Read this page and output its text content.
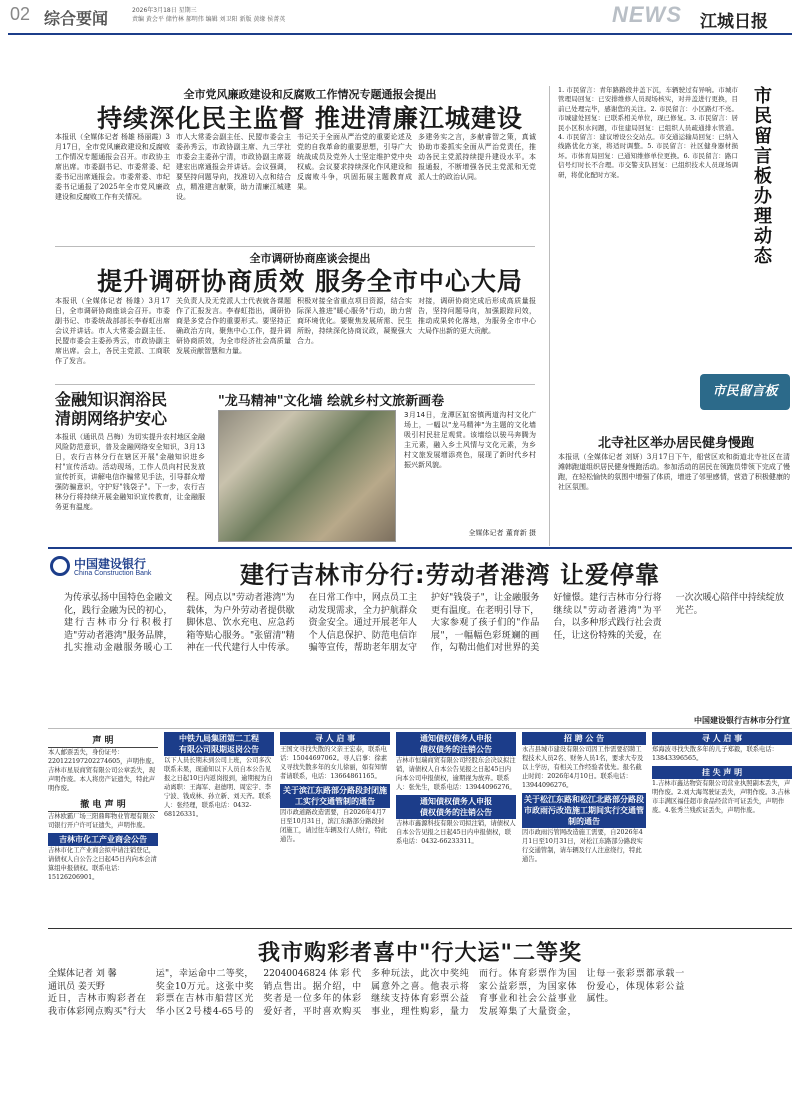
02 综合要闻	2026年3月18日 星期三
责编 黄会平 储竹林 郝明伟 编辑 刘卫阳 新版 黄缘 侯菁英	NEWS 江城日报
全市党风廉政建设和反腐败工作情况专题通报会提出
持续深化民主监督 推进清廉江城建设
本报讯（全媒体记者 杨雄 杨丽霞）3月17日，全市党风廉政建设和反腐败工作情况专题通报会召开。市政协主席出席。市委副书记、市委常委、纪委书记出席通报会。市委常委、市纪委书记通报了2025年全市党风廉政建设和反腐败工作有关情况。
市人大常委会副主任、民盟市委会主委孙秀云，市政协副主席、九三学社市委会主委孙宁清，市政协副主席聂建宏出席通报会并讲话。会议强调，要坚持问题导向，找准切入点和结合点，精准建言献策，助力清廉江城建设。
书记关于全面从严治党的重要论述及党的自我革命的重要思想，引导广大统战成员及党外人士坚定维护党中央权威。会议要求持续深化作风建设和反腐败斗争，巩固拓展主题教育成果。
多建务实之言，多献睿智之策，真诚协助市委抓实全面从严治党责任，推动各民主党派持续提升建设水平。本报通报，不断增强各民主党派和无党派人士的政治认同。
1. 市民留言：青年路路段井盖下沉，车辆驶过有异响。市城市管理局回复：已安排维修人员现场核实，对井盖进行更换，目前已处理完毕，感谢您的关注。2. 市民留言：小区路灯不亮。市城建处回复：已联系相关单位，现已修复。3. 市民留言：居民小区积水问题，市住建局回复：已组织人员疏通排水管道。4. 市民留言：建议增设公交站点。市交通运输局回复：已纳入线路优化方案，将适时调整。5. 市民留言：社区健身器材损坏。市体育局回复：已通知维修单位更换。6. 市民留言：路口信号灯时长不合理。市交警支队回复：已组织技术人员现场调研，将优化配时方案。	市民留言板办理动态
市民留言板
全市调研协商座谈会提出
提升调研协商质效 服务全市中心大局
本报讯（全媒体记者 杨雄）3月17日，全市调研协商座谈会召开。市委副书记、市委统战部部长李春虹出席会议并讲话。市人大常委会副主任、民盟市委会主委孙秀云，市政协副主席出席。会上，各民主党派、工商联作了发言。
关负责人及无党派人士代表就各课题作了汇报发言。李春虹指出，调研协商是多党合作的重要形式。要坚持正确政治方向，聚焦中心工作，提升调研协商质效，为全市经济社会高质量发展贡献智慧和力量。
积极对接全省重点项目资源，结合实际深入推进"暖心服务"行动，助力营商环境优化。要聚焦发展所需、民生所盼，持续深化协商议政，凝聚强大合力。
对接，调研协商完成后形成高质量报告，坚持问题导向，加强跟踪问效，推动成果转化落地，为服务全市中心大局作出新的更大贡献。
金融知识润浴民
清朗网络护安心
本报讯（通讯员 吕梅）为切实提升农村地区金融风险防范意识，普及金融网络安全知识，3月13日，农行吉林分行在辖区开展"金融知识进乡村"宣传活动。活动现场，工作人员向村民发放宣传折页，讲解电信诈骗常见手法，引导群众增强防骗意识，守护好"钱袋子"。下一步，农行吉林分行将持续开展金融知识宣传教育，让金融服务更有温度。
"龙马精神"文化墙 绘就乡村文旅新画卷
3月14日，龙潭区缸窑镇两道沟村文化广场上，一幅以"龙马精神"为主题的文化墙吸引村民驻足观赏。该墙绘以骏马奔腾为主元素，融入乡土风情与文化元素，为乡村文旅发展增添亮色，展现了新时代乡村振兴新风貌。
全媒体记者 董育新 摄
北寺社区举办居民健身慢跑
本报讯（全媒体记者 刘妍）3月17日下午，船营区欢和街道北寺社区在清滩韩跑道组织居民健身慢跑活动。参加活动的居民在领跑员带领下完成了慢跑，在轻松愉快的氛围中增强了体质，增进了邻里感情，营造了积极健康的社区氛围。
中国建设银行
China Construction Bank	建行吉林市分行:劳动者港湾 让爱停靠
为传承弘扬中国特色金融文化，践行金融为民的初心，建行吉林市分行积极打造"劳动者港湾"服务品牌，扎实推动金融服务暖心工程。网点以"劳动者港湾"为载体，为户外劳动者提供歇脚休息、饮水充电、应急药箱等贴心服务。"张留清"精神在一代代建行人中传承。在日常工作中，网点员工主动发现需求，全力护航群众资金安全。通过开展老年人个人信息保护、防范电信诈骗等宣传，帮助老年朋友守护好"钱袋子"，让金融服务更有温度。在老明引导下，大家参观了孩子们的"作品展"，一幅幅色彩斑斓的画作，勾勒出他们对世界的美好憧憬。建行吉林市分行将继续以"劳动者港湾"为平台，以多种形式践行社会责任，让这份特殊的关爱，在一次次暖心陪伴中持续绽放光芒。
中国建设银行吉林市分行宣
声 明
本人邮票丢失，身份证号：220122197202274605，声明作废。吉林市星辰商贸有限公司公章丢失，现声明作废。本人将房产证遗失，特此声明作废。
撤 电 声 明
吉林欧霸厂场三阳鼎晖物业管理有限公司银行开户许可证遗失，声明作废。
吉林市化工产业商会公告
吉林市化工产业商会拟申请注销登记，请债权人自公告之日起45日内向本会清算组申报债权。联系电话：15126206901。
中铁九局集团第二工程
有限公司限期返岗公告
以下人员长期未到公司上班，公司多次联系未果，现通知以下人员自本公告见报之日起10日内返岗报到，逾期视为自动离职：王海军、赵德明、周宏宇、李宁波、钱成林、孙立新、刘天齐。联系人：张经理，联系电话：0432-68126331。
寻 人 启 事
王国文寻找失散的父亲王宏泰，联系电话：15044697062。寻人启事：徐素义寻找失散多年的女儿徐丽，如有知情者请联系，电话：13664861165。
关于滨江东路部分路段封闭施工实行交通管制的通告
因市政道路改造需要，自2026年4月7日至10月31日，滨江东路部分路段封闭施工，请过往车辆及行人绕行，特此通告。
通知债权债务人申报
债权债务的注销公告
吉林市恒瑞商贸有限公司经股东会决议拟注销，请债权人自本公告见报之日起45日内向本公司申报债权，逾期视为放弃。联系人：张先生，联系电话：13944096276。
通知债权债务人申报
债权债务的注销公告
吉林市鑫源科技有限公司拟注销，请债权人自本公告见报之日起45日内申报债权，联系电话：0432-66233311。
招 聘 公 告
永吉县城市建设有限公司因工作需要招聘工程技术人员2名、财务人员1名，要求大专及以上学历，有相关工作经验者优先。报名截止时间：2026年4月10日。联系电话：13944096276。
关于松江东路和松江北路部分路段市政雨污改造施工期间实行交通管制的通告
因市政雨污管网改造施工需要，自2026年4月1日至10月31日，对松江东路部分路段实行交通管制，请车辆及行人注意绕行，特此通告。
寻 人 启 事
郑海波寻找失散多年的儿子郑毅，联系电话：13843396565。
挂 失 声 明
1.吉林市鑫达物资有限公司营业执照副本丢失，声明作废。2.刘大海驾驶证丢失，声明作废。3.吉林市丰满区福佳超市食品经营许可证丢失，声明作废。4.张秀兰残疾证丢失，声明作废。
我市购彩者喜中"行大运"二等奖
全媒体记者 刘 馨
通讯员 姜天野
近日，吉林市购彩者在我市体彩网点购买"行大运"，幸运命中二等奖，奖金10万元。这张中奖彩票在吉林市船营区光华小区2号楼4-65号的22040046824体彩代销点售出。据介绍，中奖者是一位多年的体彩爱好者，平时喜欢购买多种玩法，此次中奖纯属意外之喜。他表示将继续支持体育彩票公益事业，理性购彩，量力而行。体育彩票作为国家公益彩票，为国家体育事业和社会公益事业发展筹集了大量资金，让每一张彩票都承载一份爱心，体现体彩公益属性。
